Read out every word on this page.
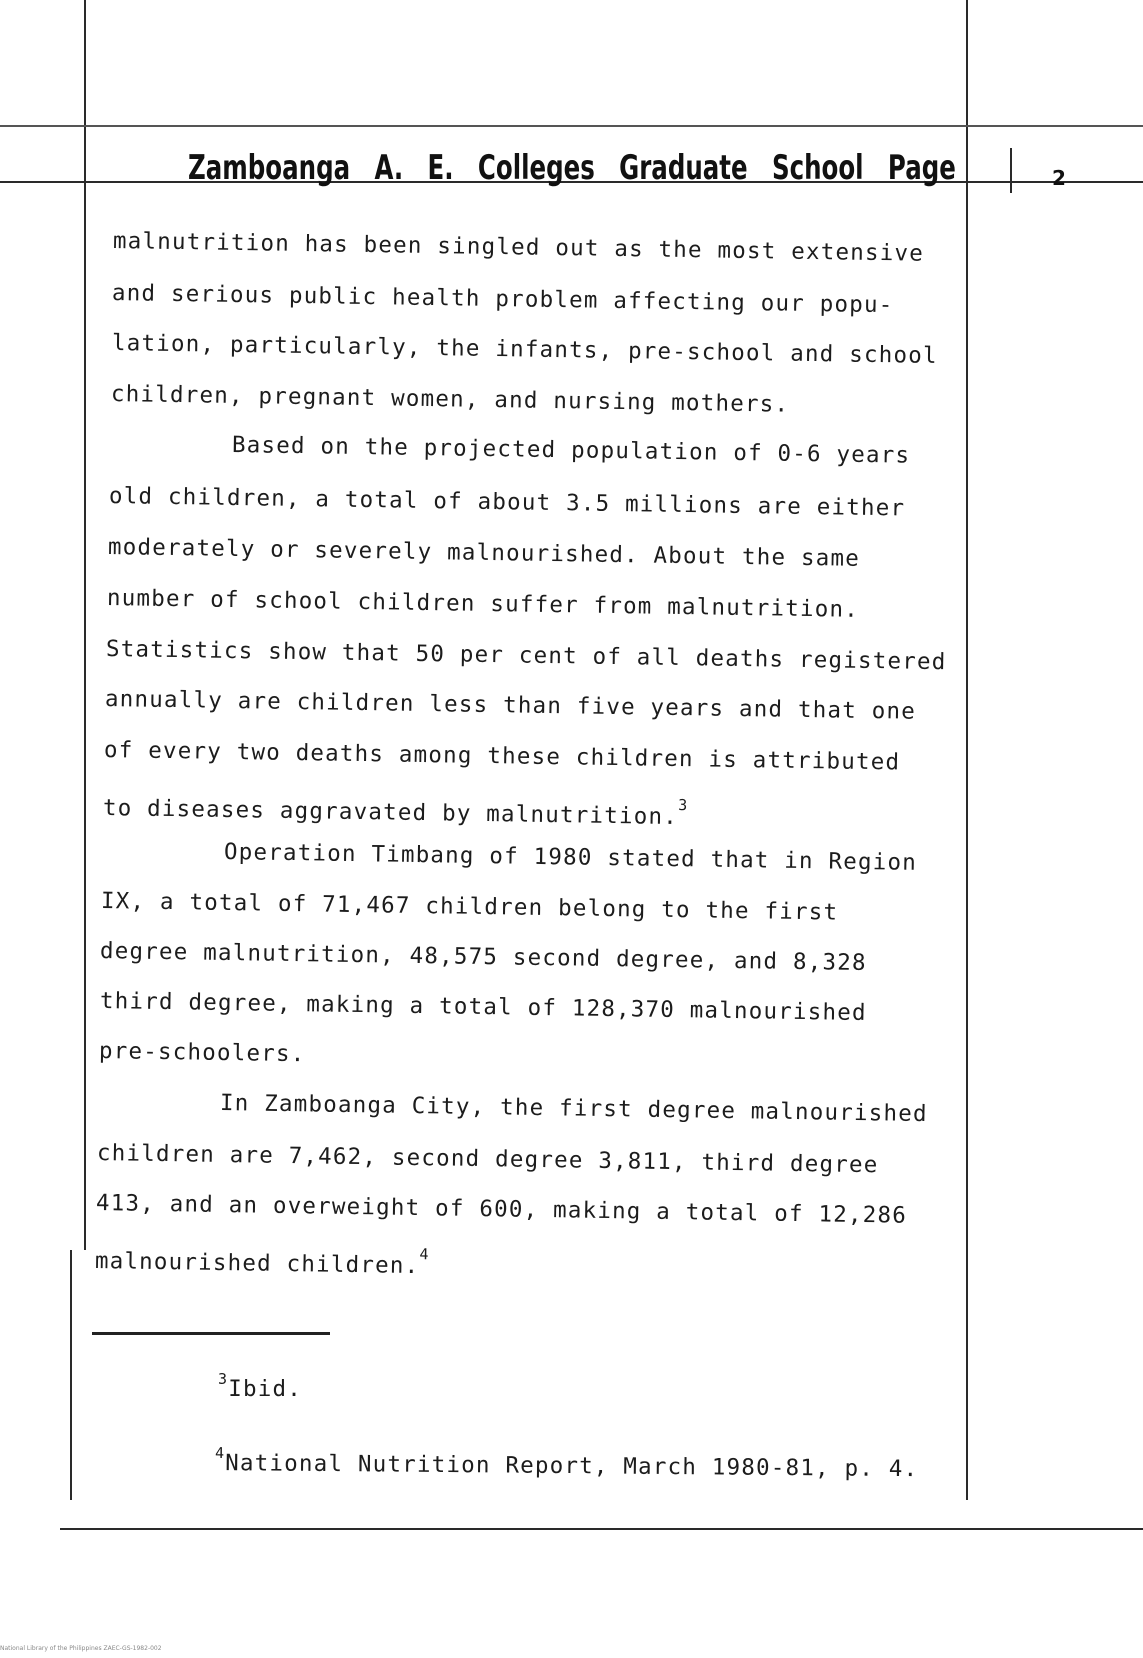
Zamboanga A. E. Colleges Graduate School Page	2
malnutrition has been singled out as the most extensive
and serious public health problem affecting our popu-
lation, particularly, the infants, pre-school and school
children, pregnant women, and nursing mothers.
Based on the projected population of 0-6 years
old children, a total of about 3.5 millions are either
moderately or severely malnourished. About the same
number of school children suffer from malnutrition.
Statistics show that 50 per cent of all deaths registered
annually are children less than five years and that one
of every two deaths among these children is attributed
to diseases aggravated by malnutrition.$^3$
Operation Timbang of 1980 stated that in Region
IX, a total of 71,467 children belong to the first
degree malnutrition, 48,575 second degree, and 8,328
third degree, making a total of 128,370 malnourished
pre-schoolers.
In Zamboanga City, the first degree malnourished
children are 7,462, second degree 3,811, third degree
413, and an overweight of 600, making a total of 12,286
malnourished children.$^4$
$^3$Ibid.
$^4$National Nutrition Report, March 1980-81, p. 4.
National Library of the Philippines ZAEC-GS-1982-002
